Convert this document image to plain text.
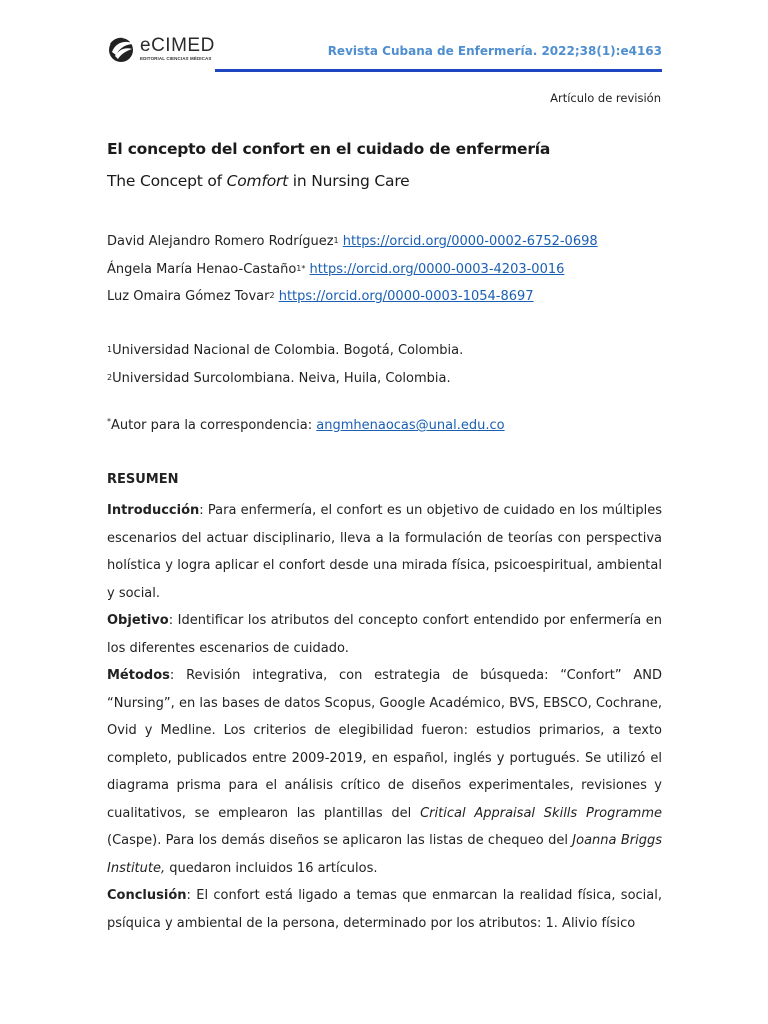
eCIMED
EDITORIAL CIENCIAS MÉDICAS
Revista Cubana de Enfermería. 2022;38(1):e4163
Artículo de revisión
El concepto del confort en el cuidado de enfermería
The Concept of Comfort in Nursing Care
David Alejandro Romero Rodríguez$^1$ https://orcid.org/0000-0002-6752-0698
Ángela María Henao-Castaño$^{1*}$ https://orcid.org/0000-0003-4203-0016
Luz Omaira Gómez Tovar$^2$ https://orcid.org/0000-0003-1054-8697
$^1$Universidad Nacional de Colombia. Bogotá, Colombia.
$^2$Universidad Surcolombiana. Neiva, Huila, Colombia.
*Autor para la correspondencia: angmhenaocas@unal.edu.co
RESUMEN

Introducción: Para enfermería, el confort es un objetivo de cuidado en los múltiples escenarios del actuar disciplinario, lleva a la formulación de teorías con perspectiva holística y logra aplicar el confort desde una mirada física, psicoespiritual, ambiental y social.

Objetivo: Identificar los atributos del concepto confort entendido por enfermería en los diferentes escenarios de cuidado.

Métodos: Revisión integrativa, con estrategia de búsqueda: “Confort” AND “Nursing”, en las bases de datos Scopus, Google Académico, BVS, EBSCO, Cochrane, Ovid y Medline. Los criterios de elegibilidad fueron: estudios primarios, a texto completo, publicados entre 2009-2019, en español, inglés y portugués. Se utilizó el diagrama prisma para el análisis crítico de diseños experimentales, revisiones y cualitativos, se emplearon las plantillas del Critical Appraisal Skills Programme (Caspe). Para los demás diseños se aplicaron las listas de chequeo del Joanna Briggs Institute, quedaron incluidos 16 artículos.

Conclusión: El confort está ligado a temas que enmarcan la realidad física, social, psíquica y ambiental de la persona, determinado por los atributos: 1. Alivio físico
